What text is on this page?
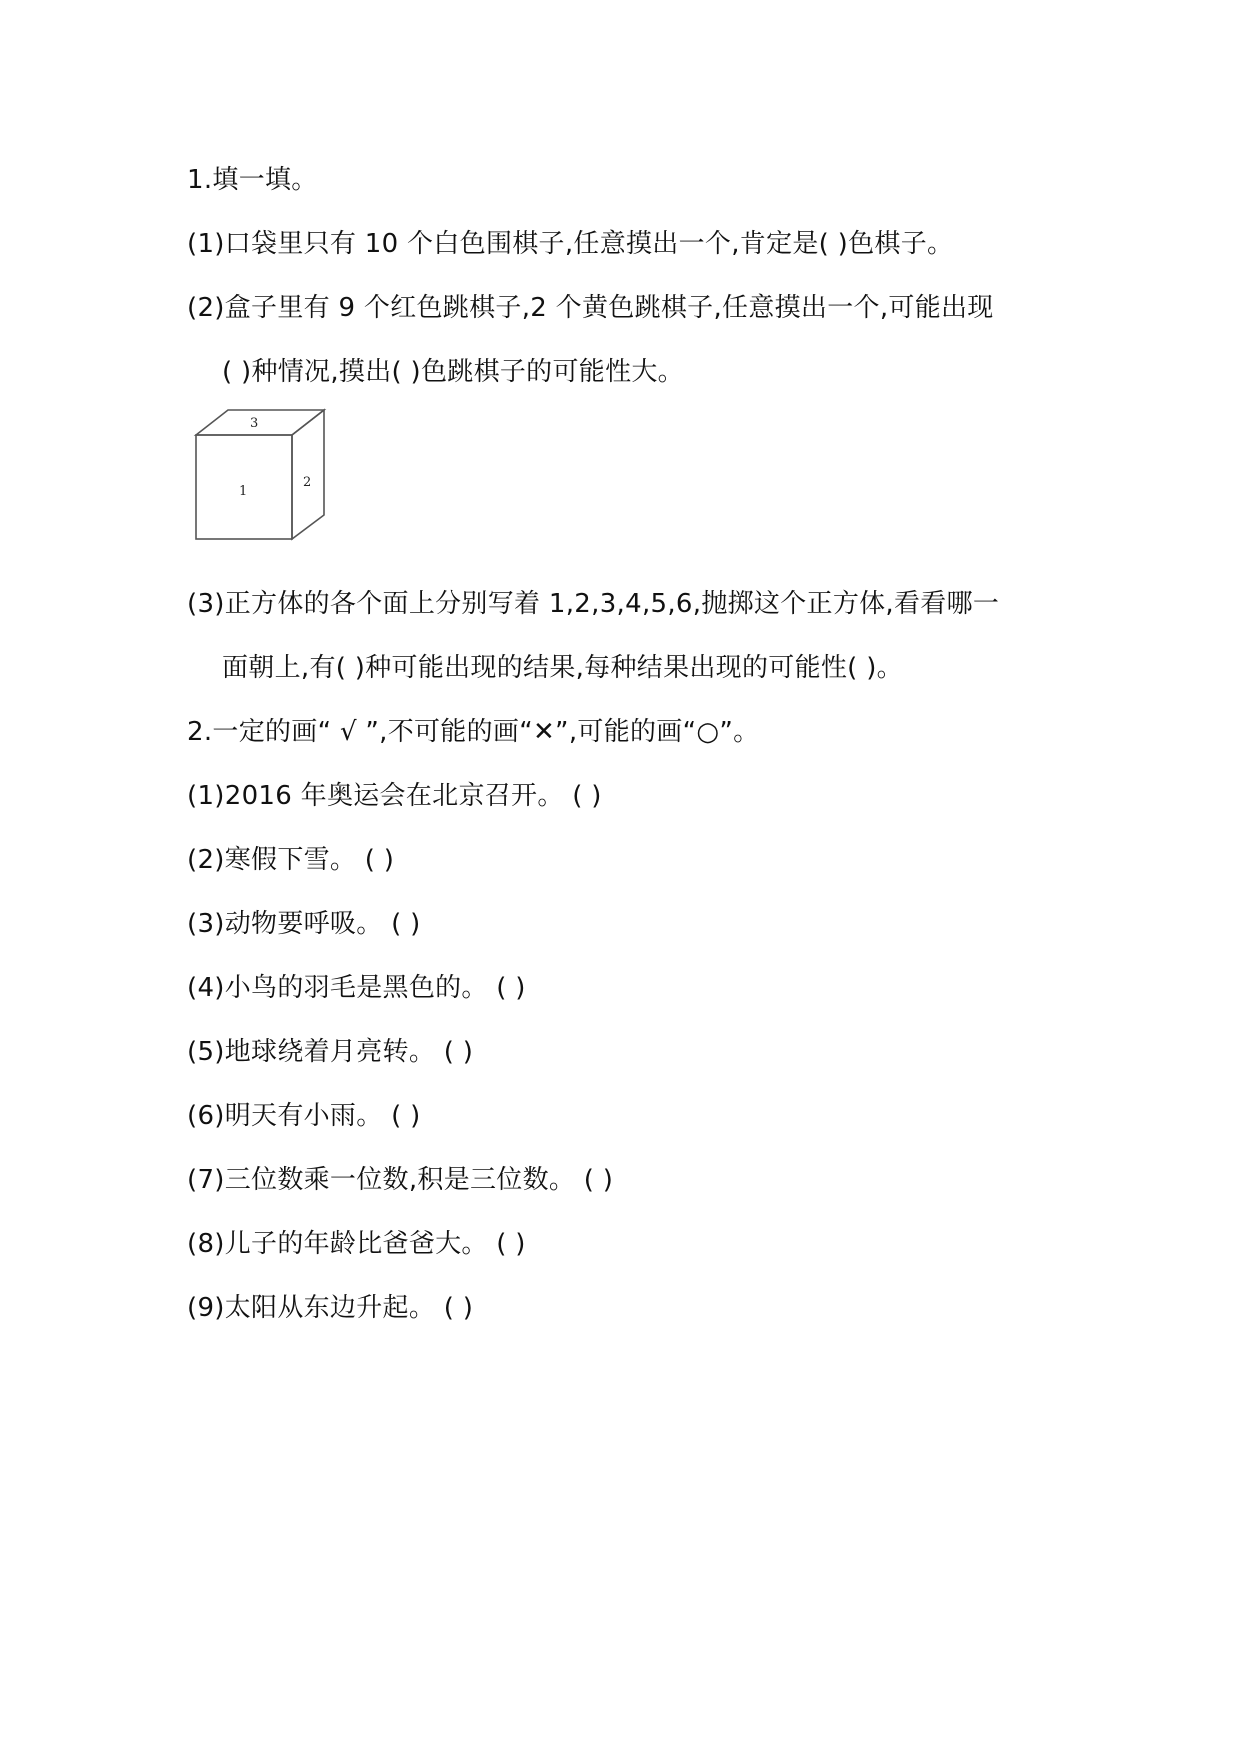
1.填一填。
(1)口袋里只有 10 个白色围棋子,任意摸出一个,肯定是( )色棋子。
(2)盒子里有 9 个红色跳棋子,2 个黄色跳棋子,任意摸出一个,可能出现
( )种情况,摸出( )色跳棋子的可能性大。
1
2
3
(3)正方体的各个面上分别写着 1,2,3,4,5,6,抛掷这个正方体,看看哪一
面朝上,有( )种可能出现的结果,每种结果出现的可能性( )。
2.一定的画“ √ ”,不可能的画“✕”,可能的画“○”。
(1)2016 年奥运会在北京召开。 ( )
(2)寒假下雪。 ( )
(3)动物要呼吸。 ( )
(4)小鸟的羽毛是黑色的。 ( )
(5)地球绕着月亮转。 ( )
(6)明天有小雨。 ( )
(7)三位数乘一位数,积是三位数。 ( )
(8)儿子的年龄比爸爸大。 ( )
(9)太阳从东边升起。 ( )
